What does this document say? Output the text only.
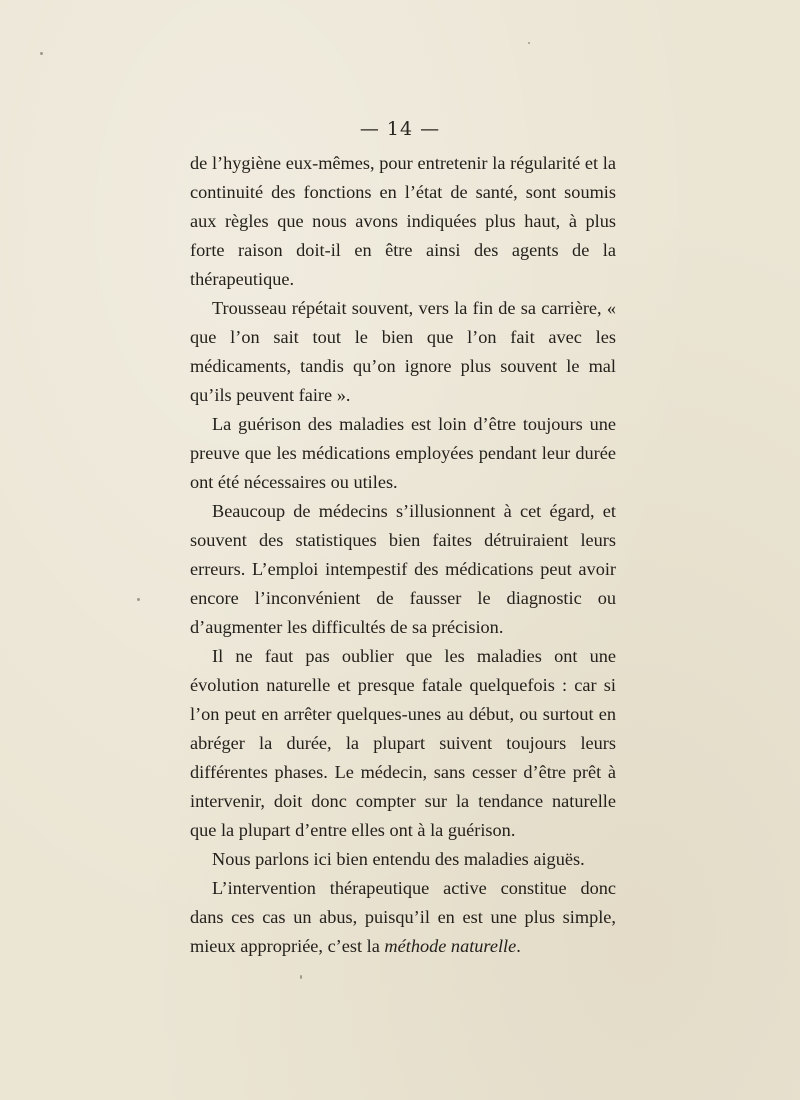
— 14 —

de l’hygiène eux-mêmes, pour entretenir la régularité et la continuité des fonctions en l’état de santé, sont soumis aux règles que nous avons indiquées plus haut, à plus forte raison doit-il en être ainsi des agents de la thérapeutique.

Trousseau répétait souvent, vers la fin de sa carrière, « que l’on sait tout le bien que l’on fait avec les médicaments, tandis qu’on ignore plus souvent le mal qu’ils peuvent faire ».

La guérison des maladies est loin d’être toujours une preuve que les médications employées pendant leur durée ont été nécessaires ou utiles.

Beaucoup de médecins s’illusionnent à cet égard, et souvent des statistiques bien faites détruiraient leurs erreurs. L’emploi intempestif des médications peut avoir encore l’inconvénient de fausser le diagnostic ou d’augmenter les difficultés de sa précision.

Il ne faut pas oublier que les maladies ont une évolution naturelle et presque fatale quelquefois : car si l’on peut en arrêter quelques-unes au début, ou surtout en abréger la durée, la plupart suivent toujours leurs différentes phases. Le médecin, sans cesser d’être prêt à intervenir, doit donc compter sur la tendance naturelle que la plupart d’entre elles ont à la guérison.

Nous parlons ici bien entendu des maladies aiguës.

L’intervention thérapeutique active constitue donc dans ces cas un abus, puisqu’il en est une plus simple, mieux appropriée, c’est la méthode naturelle.
